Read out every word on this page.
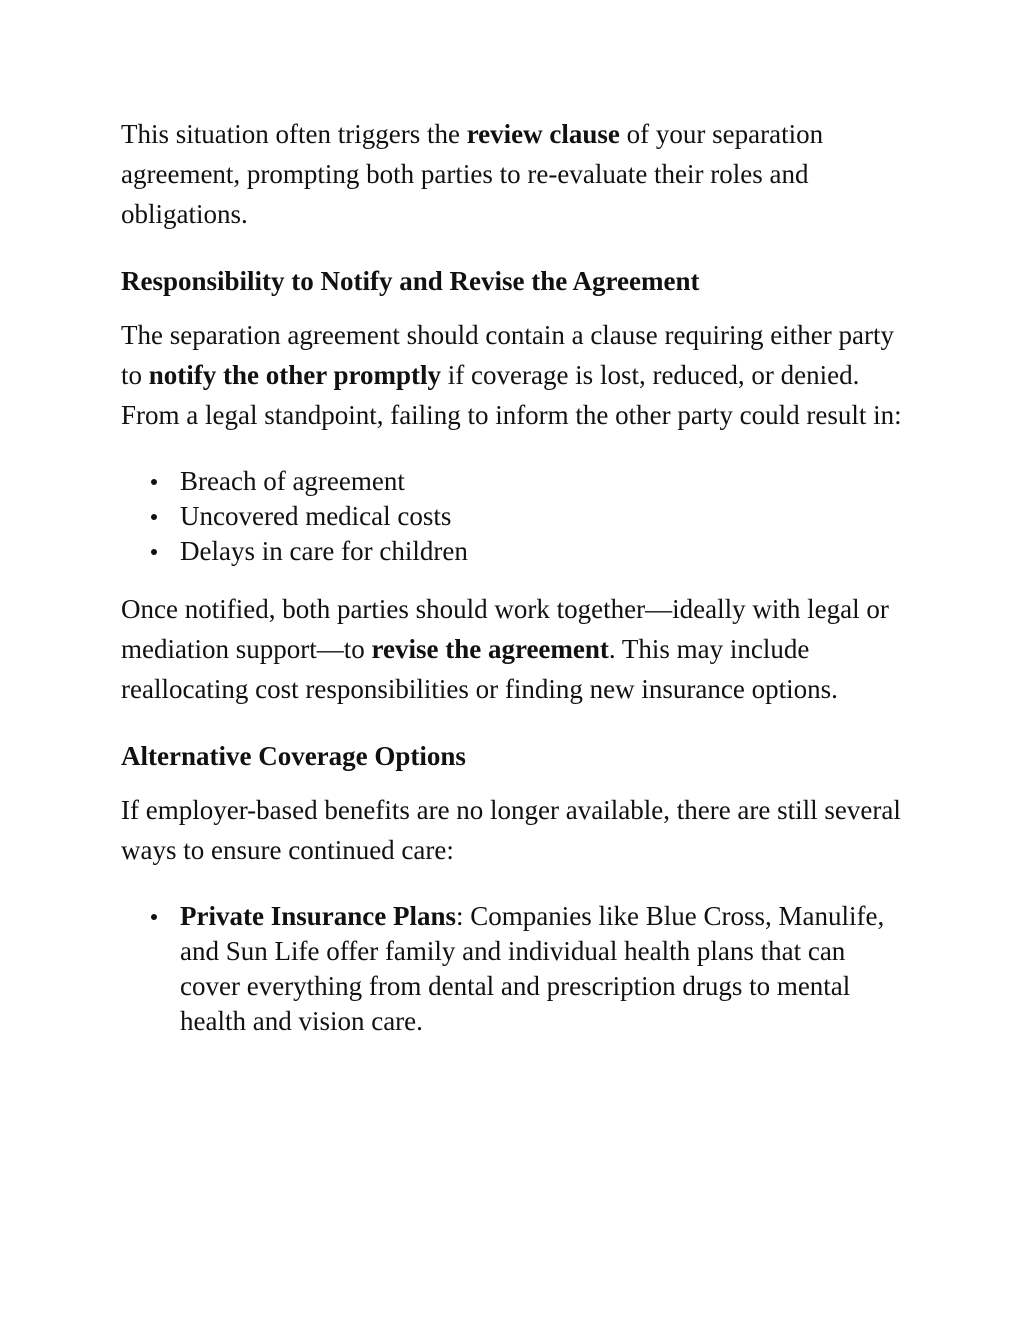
This situation often triggers the review clause of your separation agreement, prompting both parties to re-evaluate their roles and obligations.

Responsibility to Notify and Revise the Agreement

The separation agreement should contain a clause requiring either party to notify the other promptly if coverage is lost, reduced, or denied. From a legal standpoint, failing to inform the other party could result in:

Breach of agreement
Uncovered medical costs
Delays in care for children

Once notified, both parties should work together—ideally with legal or mediation support—to revise the agreement. This may include reallocating cost responsibilities or finding new insurance options.

Alternative Coverage Options

If employer-based benefits are no longer available, there are still several ways to ensure continued care:

Private Insurance Plans: Companies like Blue Cross, Manulife, and Sun Life offer family and individual health plans that can cover everything from dental and prescription drugs to mental health and vision care.
